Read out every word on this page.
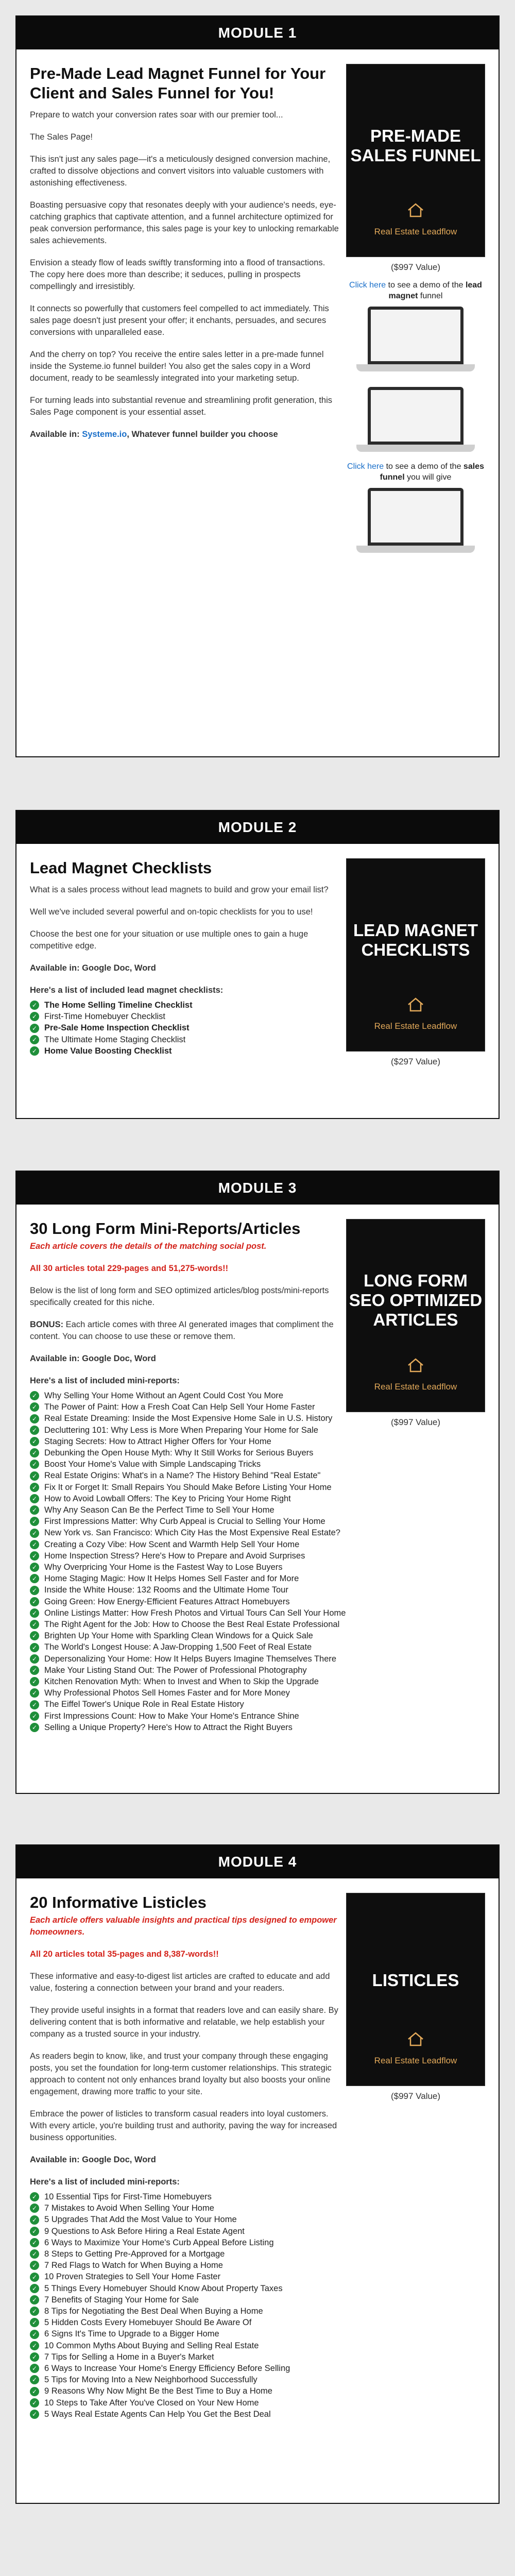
MODULE 1
Pre-Made Lead Magnet Funnel for Your Client and Sales Funnel for You!

Prepare to watch your conversion rates soar with our premier tool...

The Sales Page!

This isn't just any sales page—it's a meticulously designed conversion machine, crafted to dissolve objections and convert visitors into valuable customers with astonishing effectiveness.

Boasting persuasive copy that resonates deeply with your audience's needs, eye-catching graphics that captivate attention, and a funnel architecture optimized for peak conversion performance, this sales page is your key to unlocking remarkable sales achievements.

Envision a steady flow of leads swiftly transforming into a flood of transactions. The copy here does more than describe; it seduces, pulling in prospects compellingly and irresistibly.

It connects so powerfully that customers feel compelled to act immediately. This sales page doesn't just present your offer; it enchants, persuades, and secures conversions with unparalleled ease.

And the cherry on top? You receive the entire sales letter in a pre-made funnel inside the Systeme.io funnel builder! You also get the sales copy in a Word document, ready to be seamlessly integrated into your marketing setup.

For turning leads into substantial revenue and streamlining profit generation, this Sales Page component is your essential asset.

Available in: Systeme.io, Whatever funnel builder you choose

PRE-MADE SALES FUNNEL
Real Estate Leadflow
($997 Value)
Click here to see a demo of the lead magnet funnel
Click here to see a demo of the sales funnel you will give
MODULE 2
Lead Magnet Checklists

What is a sales process without lead magnets to build and grow your email list?

Well we've included several powerful and on-topic checklists for you to use!

Choose the best one for your situation or use multiple ones to gain a huge competitive edge.

Available in: Google Doc, Word

Here's a list of included lead magnet checklists:

✓ The Home Selling Timeline Checklist
✓ First-Time Homebuyer Checklist
✓ Pre-Sale Home Inspection Checklist
✓ The Ultimate Home Staging Checklist
✓ Home Value Boosting Checklist
LEAD MAGNET CHECKLISTS
Real Estate Leadflow
($297 Value)
MODULE 3
30 Long Form Mini-Reports/Articles

Each article covers the details of the matching social post.

All 30 articles total 229-pages and 51,275-words!!

Below is the list of long form and SEO optimized articles/blog posts/mini-reports specifically created for this niche.

BONUS: Each article comes with three AI generated images that compliment the content. You can choose to use these or remove them.

Available in: Google Doc, Word

Here's a list of included mini-reports:

✓ Why Selling Your Home Without an Agent Could Cost You More
✓ The Power of Paint: How a Fresh Coat Can Help Sell Your Home Faster
✓ Real Estate Dreaming: Inside the Most Expensive Home Sale in U.S. History
✓ Decluttering 101: Why Less is More When Preparing Your Home for Sale
✓ Staging Secrets: How to Attract Higher Offers for Your Home
✓ Debunking the Open House Myth: Why It Still Works for Serious Buyers
✓ Boost Your Home's Value with Simple Landscaping Tricks
✓ Real Estate Origins: What's in a Name? The History Behind "Real Estate"
✓ Fix It or Forget It: Small Repairs You Should Make Before Listing Your Home
✓ How to Avoid Lowball Offers: The Key to Pricing Your Home Right
✓ Why Any Season Can Be the Perfect Time to Sell Your Home
✓ First Impressions Matter: Why Curb Appeal is Crucial to Selling Your Home
✓ New York vs. San Francisco: Which City Has the Most Expensive Real Estate?
✓ Creating a Cozy Vibe: How Scent and Warmth Help Sell Your Home
✓ Home Inspection Stress? Here's How to Prepare and Avoid Surprises
✓ Why Overpricing Your Home is the Fastest Way to Lose Buyers
✓ Home Staging Magic: How It Helps Homes Sell Faster and for More
✓ Inside the White House: 132 Rooms and the Ultimate Home Tour
✓ Going Green: How Energy-Efficient Features Attract Homebuyers
✓ Online Listings Matter: How Fresh Photos and Virtual Tours Can Sell Your Home
✓ The Right Agent for the Job: How to Choose the Best Real Estate Professional
✓ Brighten Up Your Home with Sparkling Clean Windows for a Quick Sale
✓ The World's Longest House: A Jaw-Dropping 1,500 Feet of Real Estate
✓ Depersonalizing Your Home: How It Helps Buyers Imagine Themselves There
✓ Make Your Listing Stand Out: The Power of Professional Photography
✓ Kitchen Renovation Myth: When to Invest and When to Skip the Upgrade
✓ Why Professional Photos Sell Homes Faster and for More Money
✓ The Eiffel Tower's Unique Role in Real Estate History
✓ First Impressions Count: How to Make Your Home's Entrance Shine
✓ Selling a Unique Property? Here's How to Attract the Right Buyers
LONG FORM SEO OPTIMIZED ARTICLES
Real Estate Leadflow
($997 Value)
MODULE 4
20 Informative Listicles

Each article offers valuable insights and practical tips designed to empower homeowners.

All 20 articles total 35-pages and 8,387-words!!

These informative and easy-to-digest list articles are crafted to educate and add value, fostering a connection between your brand and your readers.

They provide useful insights in a format that readers love and can easily share. By delivering content that is both informative and relatable, we help establish your company as a trusted source in your industry.

As readers begin to know, like, and trust your company through these engaging posts, you set the foundation for long-term customer relationships. This strategic approach to content not only enhances brand loyalty but also boosts your online engagement, drawing more traffic to your site.

Embrace the power of listicles to transform casual readers into loyal customers. With every article, you're building trust and authority, paving the way for increased business opportunities.

Available in: Google Doc, Word

Here's a list of included mini-reports:

✓ 10 Essential Tips for First-Time Homebuyers
✓ 7 Mistakes to Avoid When Selling Your Home
✓ 5 Upgrades That Add the Most Value to Your Home
✓ 9 Questions to Ask Before Hiring a Real Estate Agent
✓ 6 Ways to Maximize Your Home's Curb Appeal Before Listing
✓ 8 Steps to Getting Pre-Approved for a Mortgage
✓ 7 Red Flags to Watch for When Buying a Home
✓ 10 Proven Strategies to Sell Your Home Faster
✓ 5 Things Every Homebuyer Should Know About Property Taxes
✓ 7 Benefits of Staging Your Home for Sale
✓ 8 Tips for Negotiating the Best Deal When Buying a Home
✓ 5 Hidden Costs Every Homebuyer Should Be Aware Of
✓ 6 Signs It's Time to Upgrade to a Bigger Home
✓ 10 Common Myths About Buying and Selling Real Estate
✓ 7 Tips for Selling a Home in a Buyer's Market
✓ 6 Ways to Increase Your Home's Energy Efficiency Before Selling
✓ 5 Tips for Moving Into a New Neighborhood Successfully
✓ 9 Reasons Why Now Might Be the Best Time to Buy a Home
✓ 10 Steps to Take After You've Closed on Your New Home
✓ 5 Ways Real Estate Agents Can Help You Get the Best Deal
LISTICLES
Real Estate Leadflow
($997 Value)
